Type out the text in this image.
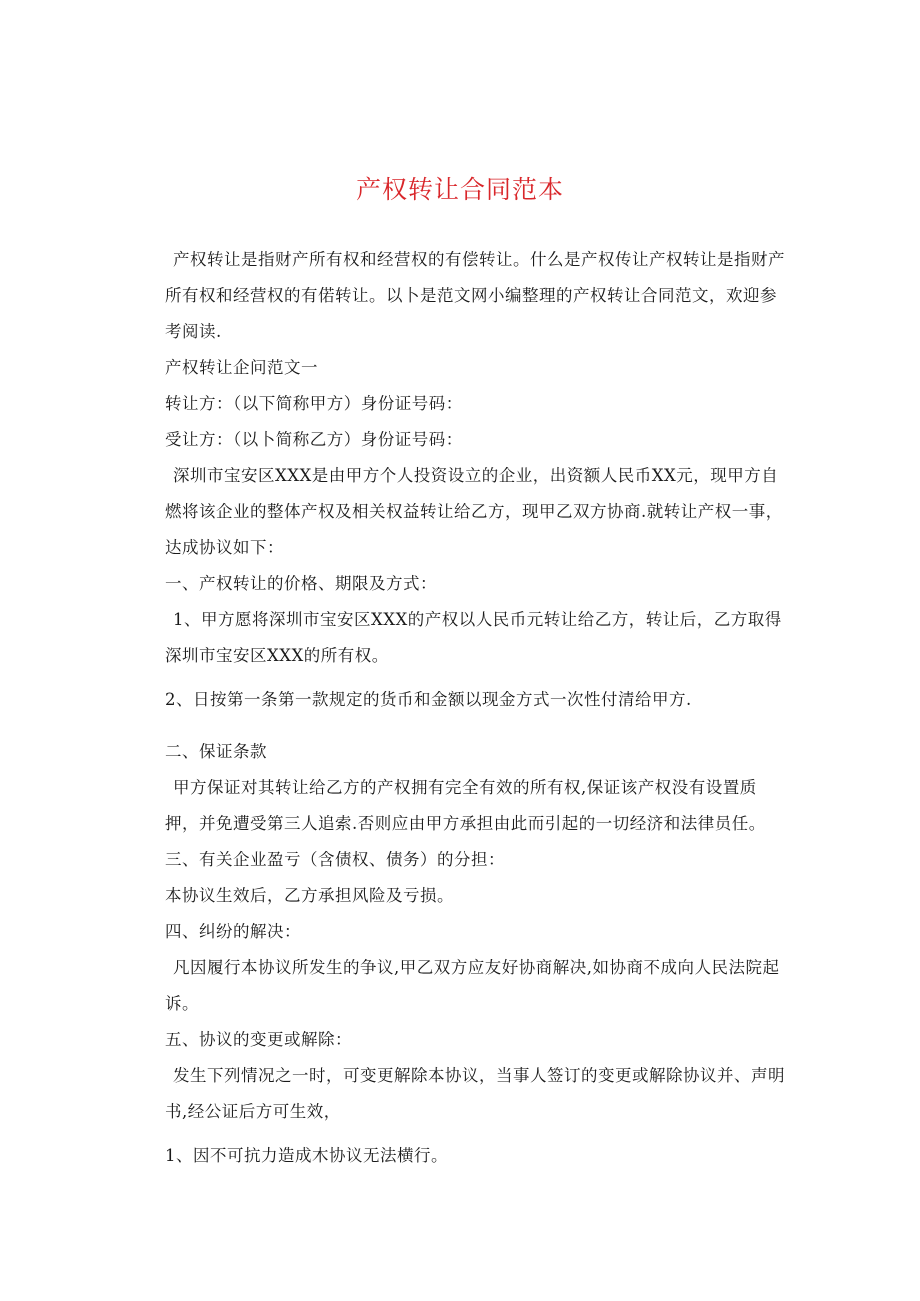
产权转让合同范本

产权转让是指财产所有权和经营权的有偿转让。什么是产权传让产权转让是指财产所有权和经营权的有偌转让。以卜是范文网小编整理的产权转让合同范文，欢迎参考阅读.

产权转让企问范文一

转让方：（以下简称甲方）身份证号码：

受让方：（以卜简称乙方）身份证号码：

深圳市宝安区XXX是由甲方个人投资设立的企业，出资额人民币XX元，现甲方自燃将该企业的整体产权及相关权益转让给乙方，现甲乙双方协商.就转让产权一事，达成协议如下：

一、产权转让的价格、期限及方式：

1、甲方愿将深圳市宝安区XXX的产权以人民币元转让给乙方，转让后，乙方取得深圳市宝安区XXX的所有权。

2、日按第一条第一款规定的货币和金额以现金方式一次性付清给甲方.

二、保证条款

甲方保证对其转让给乙方的产权拥有完全有效的所有权,保证该产权没有设置质押，并免遭受第三人追索.否则应由甲方承担由此而引起的一切经济和法律员任。

三、有关企业盈亏（含债权、债务）的分担：

本协议生效后，乙方承担风险及亏损。

四、纠纷的解决：

凡因履行本协议所发生的争议,甲乙双方应友好协商解决,如协商不成向人民法院起诉。

五、协议的变更或解除：

发生下列情况之一时，可变更解除本协议，当事人签订的变更或解除协议并、声明书,经公证后方可生效，

1、因不可抗力造成木协议无法横行。
